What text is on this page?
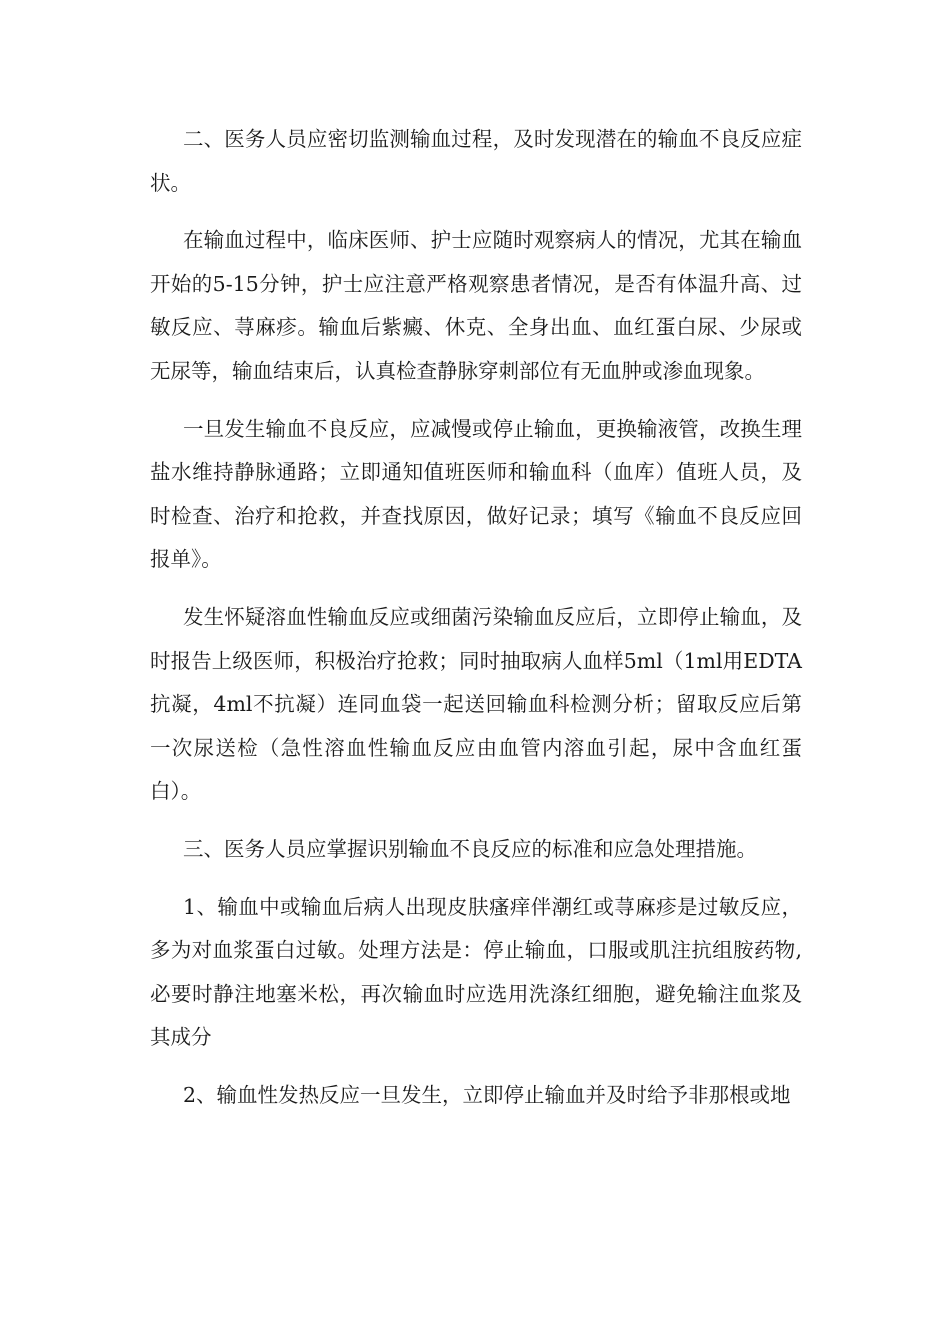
二、医务人员应密切监测输血过程，及时发现潜在的输血不良反应症状。

在输血过程中，临床医师、护士应随时观察病人的情况，尤其在输血开始的5-15分钟，护士应注意严格观察患者情况，是否有体温升高、过敏反应、荨麻疹。输血后紫癜、休克、全身出血、血红蛋白尿、少尿或无尿等，输血结束后，认真检查静脉穿刺部位有无血肿或渗血现象。

一旦发生输血不良反应，应减慢或停止输血，更换输液管，改换生理盐水维持静脉通路；立即通知值班医师和输血科（血库）值班人员，及时检查、治疗和抢救，并查找原因，做好记录；填写《输血不良反应回报单》。

发生怀疑溶血性输血反应或细菌污染输血反应后，立即停止输血，及时报告上级医师，积极治疗抢救；同时抽取病人血样5ml（1ml用EDTA抗凝，4ml不抗凝）连同血袋一起送回输血科检测分析；留取反应后第一次尿送检（急性溶血性输血反应由血管内溶血引起，尿中含血红蛋白）。

三、医务人员应掌握识别输血不良反应的标准和应急处理措施。

1、输血中或输血后病人出现皮肤瘙痒伴潮红或荨麻疹是过敏反应，多为对血浆蛋白过敏。处理方法是：停止输血，口服或肌注抗组胺药物,必要时静注地塞米松，再次输血时应选用洗涤红细胞，避免输注血浆及其成分

2、输血性发热反应一旦发生，立即停止输血并及时给予非那根或地
